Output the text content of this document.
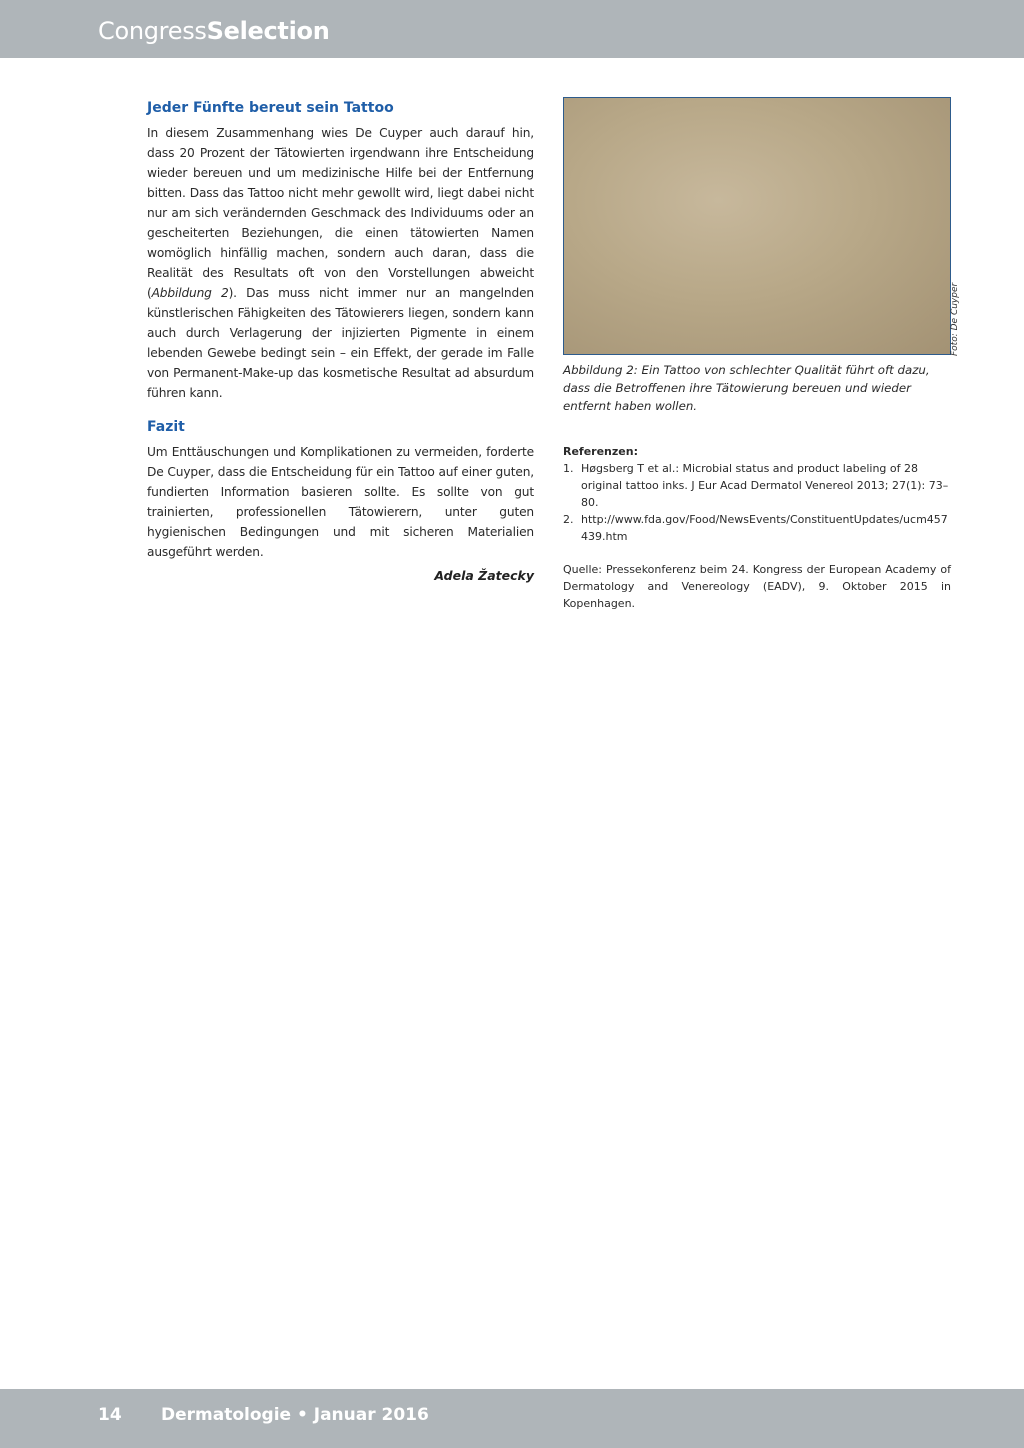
CongressSelection
Jeder Fünfte bereut sein Tattoo

In diesem Zusammenhang wies De Cuyper auch darauf hin, dass 20 Prozent der Tätowierten irgendwann ihre Entscheidung wieder bereuen und um medizinische Hilfe bei der Entfernung bitten. Dass das Tattoo nicht mehr gewollt wird, liegt dabei nicht nur am sich verändernden Geschmack des Individuums oder an gescheiterten Beziehungen, die einen tätowierten Namen womöglich hinfällig machen, sondern auch daran, dass die Realität des Resultats oft von den Vorstellungen abweicht (Abbildung 2). Das muss nicht immer nur an mangelnden künstlerischen Fähigkeiten des Tätowierers liegen, sondern kann auch durch Verlagerung der injizierten Pigmente in einem lebenden Gewebe bedingt sein – ein Effekt, der gerade im Falle von Permanent-Make-up das kosmetische Resultat ad absurdum führen kann.

Fazit

Um Enttäuschungen und Komplikationen zu vermeiden, forderte De Cuyper, dass die Entscheidung für ein Tattoo auf einer guten, fundierten Information basieren sollte. Es sollte von gut trainierten, professionellen Tätowierern, unter guten hygienischen Bedingungen und mit sicheren Materialien ausgeführt werden.

Adela Žatecky
Abbildung 2: Ein Tattoo von schlechter Qualität führt oft dazu, dass die Betroffenen ihre Tätowierung bereuen und wieder entfernt haben wollen.
Referenzen:
1. Høgsberg T et al.: Microbial status and product labeling of 28 original tattoo inks. J Eur Acad Dermatol Venereol 2013; 27(1): 73–80.
2. http://www.fda.gov/Food/NewsEvents/ConstituentUpdates/ucm457439.htm
Quelle: Pressekonferenz beim 24. Kongress der European Academy of Dermatology and Venereology (EADV), 9. Oktober 2015 in Kopenhagen.
Foto: De Cuyper
14 Dermatologie • Januar 2016
